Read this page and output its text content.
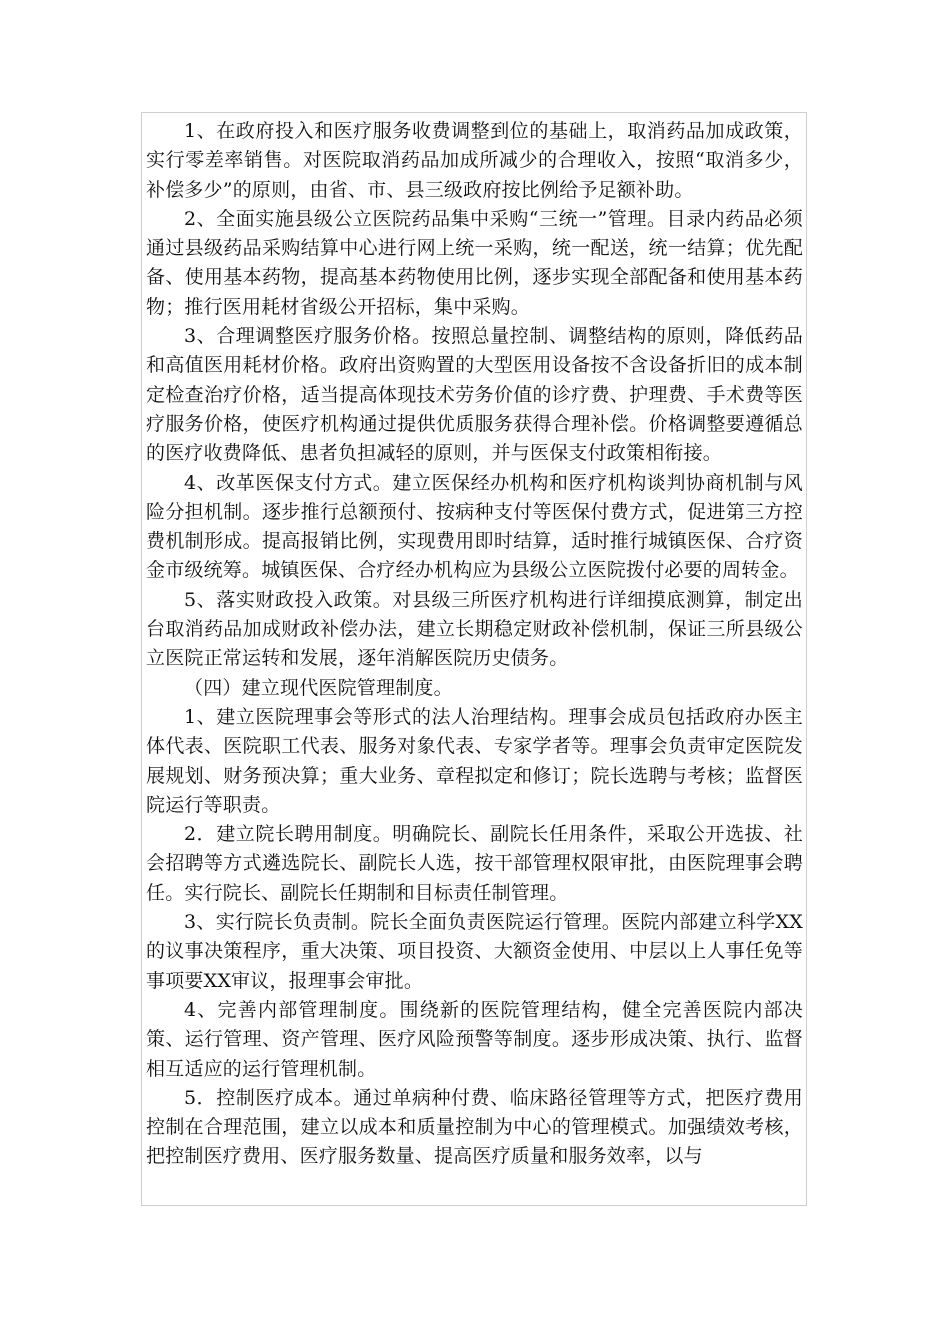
1、在政府投入和医疗服务收费调整到位的基础上，取消药品加成政策，实行零差率销售。对医院取消药品加成所减少的合理收入，按照“取消多少，补偿多少”的原则，由省、市、县三级政府按比例给予足额补助。

2、全面实施县级公立医院药品集中采购“三统一”管理。目录内药品必须通过县级药品采购结算中心进行网上统一采购，统一配送，统一结算；优先配备、使用基本药物，提高基本药物使用比例，逐步实现全部配备和使用基本药物；推行医用耗材省级公开招标，集中采购。

3、合理调整医疗服务价格。按照总量控制、调整结构的原则，降低药品和高值医用耗材价格。政府出资购置的大型医用设备按不含设备折旧的成本制定检查治疗价格，适当提高体现技术劳务价值的诊疗费、护理费、手术费等医疗服务价格，使医疗机构通过提供优质服务获得合理补偿。价格调整要遵循总的医疗收费降低、患者负担减轻的原则，并与医保支付政策相衔接。

4、改革医保支付方式。建立医保经办机构和医疗机构谈判协商机制与风险分担机制。逐步推行总额预付、按病种支付等医保付费方式，促进第三方控费机制形成。提高报销比例，实现费用即时结算，适时推行城镇医保、合疗资金市级统筹。城镇医保、合疗经办机构应为县级公立医院拨付必要的周转金。

5、落实财政投入政策。对县级三所医疗机构进行详细摸底测算，制定出台取消药品加成财政补偿办法，建立长期稳定财政补偿机制，保证三所县级公立医院正常运转和发展，逐年消解医院历史债务。

（四）建立现代医院管理制度。

1、建立医院理事会等形式的法人治理结构。理事会成员包括政府办医主体代表、医院职工代表、服务对象代表、专家学者等。理事会负责审定医院发展规划、财务预决算；重大业务、章程拟定和修订；院长选聘与考核；监督医院运行等职责。

2．建立院长聘用制度。明确院长、副院长任用条件，采取公开选拔、社会招聘等方式遴选院长、副院长人选，按干部管理权限审批，由医院理事会聘任。实行院长、副院长任期制和目标责任制管理。

3、实行院长负责制。院长全面负责医院运行管理。医院内部建立科学XX的议事决策程序，重大决策、项目投资、大额资金使用、中层以上人事任免等事项要XX审议，报理事会审批。

4、完善内部管理制度。围绕新的医院管理结构，健全完善医院内部决策、运行管理、资产管理、医疗风险预警等制度。逐步形成决策、执行、监督相互适应的运行管理机制。

5．控制医疗成本。通过单病种付费、临床路径管理等方式，把医疗费用控制在合理范围，建立以成本和质量控制为中心的管理模式。加强绩效考核，把控制医疗费用、医疗服务数量、提高医疗质量和服务效率，以与
